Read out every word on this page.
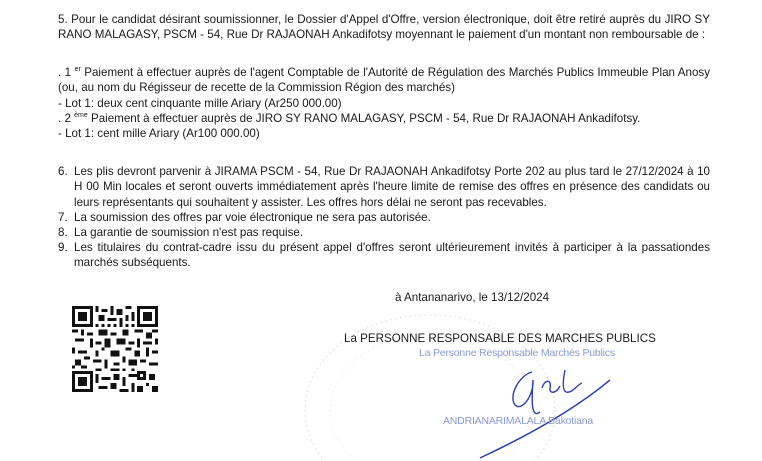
5. Pour le candidat désirant soumissionner, le Dossier d'Appel d'Offre, version électronique, doit être retiré auprès du JIRO SY RANO MALAGASY, PSCM - 54, Rue Dr RAJAONAH Ankadifotsy moyennant le paiement d'un montant non remboursable de :

. 1 $^{er}$ Paiement à effectuer auprès de l'agent Comptable de l'Autorité de Régulation des Marchés Publics Immeuble Plan Anosy (ou, au nom du Régisseur de recette de la Commission Région des marchés)
- Lot 1: deux cent cinquante mille Ariary (Ar250 000.00)
. 2 $^{ème}$ Paiement à effectuer auprès de JIRO SY RANO MALAGASY, PSCM - 54, Rue Dr RAJAONAH Ankadifotsy.
- Lot 1: cent mille Ariary (Ar100 000.00)
6. Les plis devront parvenir à JIRAMA PSCM - 54, Rue Dr RAJAONAH Ankadifotsy Porte 202 au plus tard le 27/12/2024 à 10 H 00 Min locales et seront ouverts immédiatement après l'heure limite de remise des offres en présence des candidats ou leurs représentants qui souhaitent y assister. Les offres hors délai ne seront pas recevables.
7. La soumission des offres par voie électronique ne sera pas autorisée.
8. La garantie de soumission n'est pas requise.
9. Les titulaires du contrat-cadre issu du présent appel d'offres seront ultérieurement invités à participer à la passationdes marchés subséquents.
à Antananarivo, le 13/12/2024
La PERSONNE RESPONSABLE DES MARCHES PUBLICS
La Personne Responsable Marchés Publics
ANDRIANARIMALALA Bakotiana
